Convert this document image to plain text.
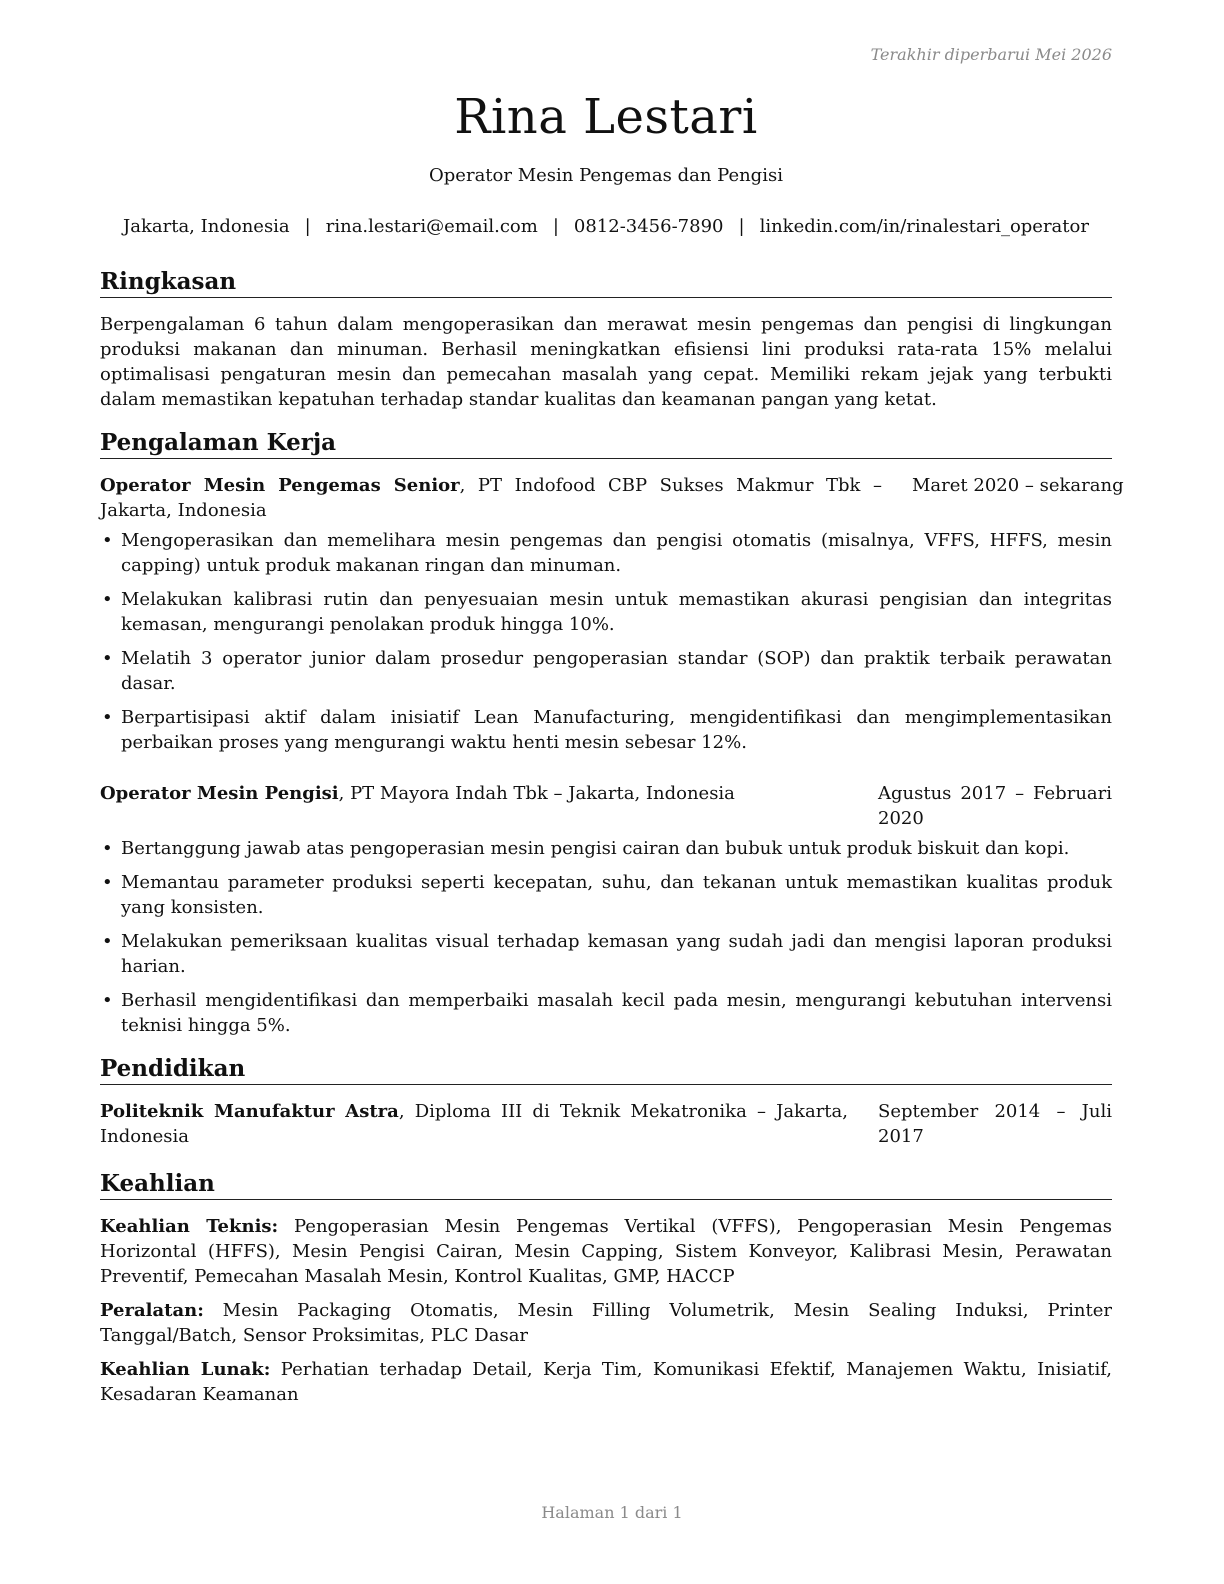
Terakhir diperbarui Mei 2026
Rina Lestari
Operator Mesin Pengemas dan Pengisi
Jakarta, Indonesia | rina.lestari@email.com | 0812-3456-7890 | linkedin.com/in/rinalestari_operator
Ringkasan
Berpengalaman 6 tahun dalam mengoperasikan dan merawat mesin pengemas dan pengisi di lingkungan produksi makanan dan minuman. Berhasil meningkatkan efisiensi lini produksi rata-rata 15% melalui optimalisasi pengaturan mesin dan pemecahan masalah yang cepat. Memiliki rekam jejak yang terbukti dalam memastikan kepatuhan terhadap standar kualitas dan keamanan pangan yang ketat.
Pengalaman Kerja
Operator Mesin Pengemas Senior, PT Indofood CBP Sukses Makmur Tbk – Jakarta, Indonesia
Maret 2020 – sekarang
• Mengoperasikan dan memelihara mesin pengemas dan pengisi otomatis (misalnya, VFFS, HFFS, mesin capping) untuk produk makanan ringan dan minuman.
• Melakukan kalibrasi rutin dan penyesuaian mesin untuk memastikan akurasi pengisian dan integritas kemasan, mengurangi penolakan produk hingga 10%.
• Melatih 3 operator junior dalam prosedur pengoperasian standar (SOP) dan praktik terbaik perawatan dasar.
• Berpartisipasi aktif dalam inisiatif Lean Manufacturing, mengidentifikasi dan mengimplementasikan perbaikan proses yang mengurangi waktu henti mesin sebesar 12%.
Operator Mesin Pengisi, PT Mayora Indah Tbk – Jakarta, Indonesia	Agustus 2017 – Februari 2020
• Bertanggung jawab atas pengoperasian mesin pengisi cairan dan bubuk untuk produk biskuit dan kopi.
• Memantau parameter produksi seperti kecepatan, suhu, dan tekanan untuk memastikan kualitas produk yang konsisten.
• Melakukan pemeriksaan kualitas visual terhadap kemasan yang sudah jadi dan mengisi laporan produksi harian.
• Berhasil mengidentifikasi dan memperbaiki masalah kecil pada mesin, mengurangi kebutuhan intervensi teknisi hingga 5%.
Pendidikan
Politeknik Manufaktur Astra, Diploma III di Teknik Mekatronika – Jakarta, Indonesia
September 2014 – Juli 2017
Keahlian
Keahlian Teknis: Pengoperasian Mesin Pengemas Vertikal (VFFS), Pengoperasian Mesin Pengemas Horizontal (HFFS), Mesin Pengisi Cairan, Mesin Capping, Sistem Konveyor, Kalibrasi Mesin, Perawatan Preventif, Pemecahan Masalah Mesin, Kontrol Kualitas, GMP, HACCP
Peralatan: Mesin Packaging Otomatis, Mesin Filling Volumetrik, Mesin Sealing Induksi, Printer Tanggal/Batch, Sensor Proksimitas, PLC Dasar
Keahlian Lunak: Perhatian terhadap Detail, Kerja Tim, Komunikasi Efektif, Manajemen Waktu, Inisiatif, Kesadaran Keamanan
Halaman 1 dari 1
